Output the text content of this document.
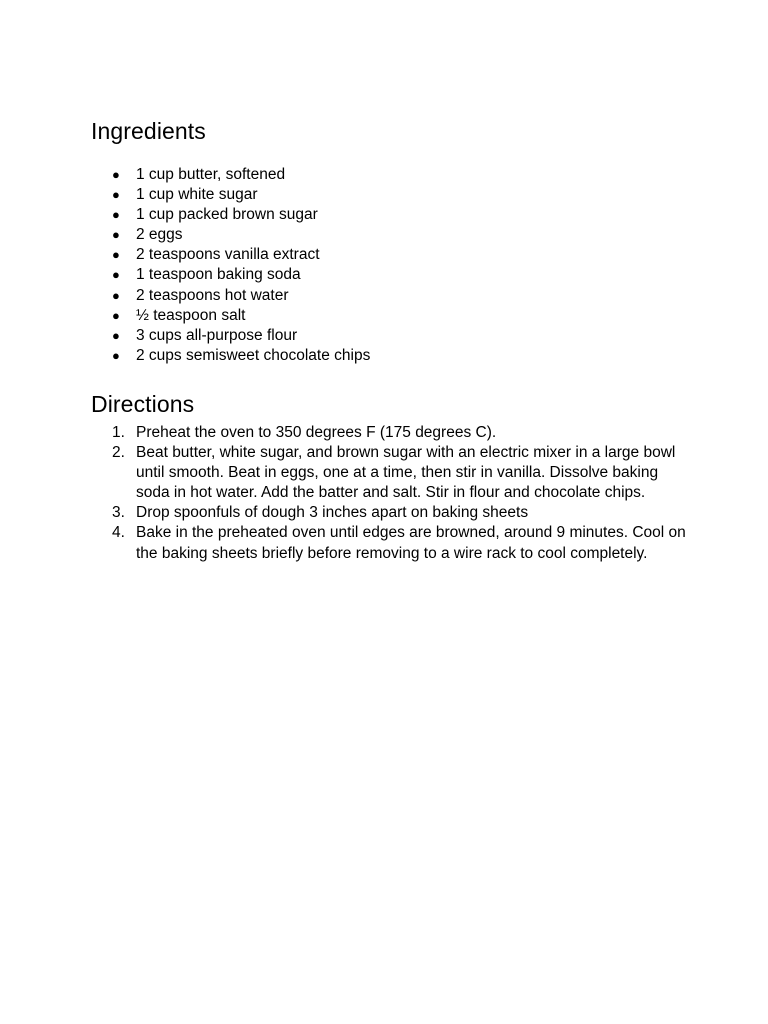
Ingredients
● 1 cup butter, softened
● 1 cup white sugar
● 1 cup packed brown sugar
● 2 eggs
● 2 teaspoons vanilla extract
● 1 teaspoon baking soda
● 2 teaspoons hot water
● ½ teaspoon salt
● 3 cups all-purpose flour
● 2 cups semisweet chocolate chips
Directions
1. Preheat the oven to 350 degrees F (175 degrees C).
2. Beat butter, white sugar, and brown sugar with an electric mixer in a large bowl until smooth. Beat in eggs, one at a time, then stir in vanilla. Dissolve baking soda in hot water. Add the batter and salt. Stir in flour and chocolate chips.
3. Drop spoonfuls of dough 3 inches apart on baking sheets
4. Bake in the preheated oven until edges are browned, around 9 minutes. Cool on the baking sheets briefly before removing to a wire rack to cool completely.
